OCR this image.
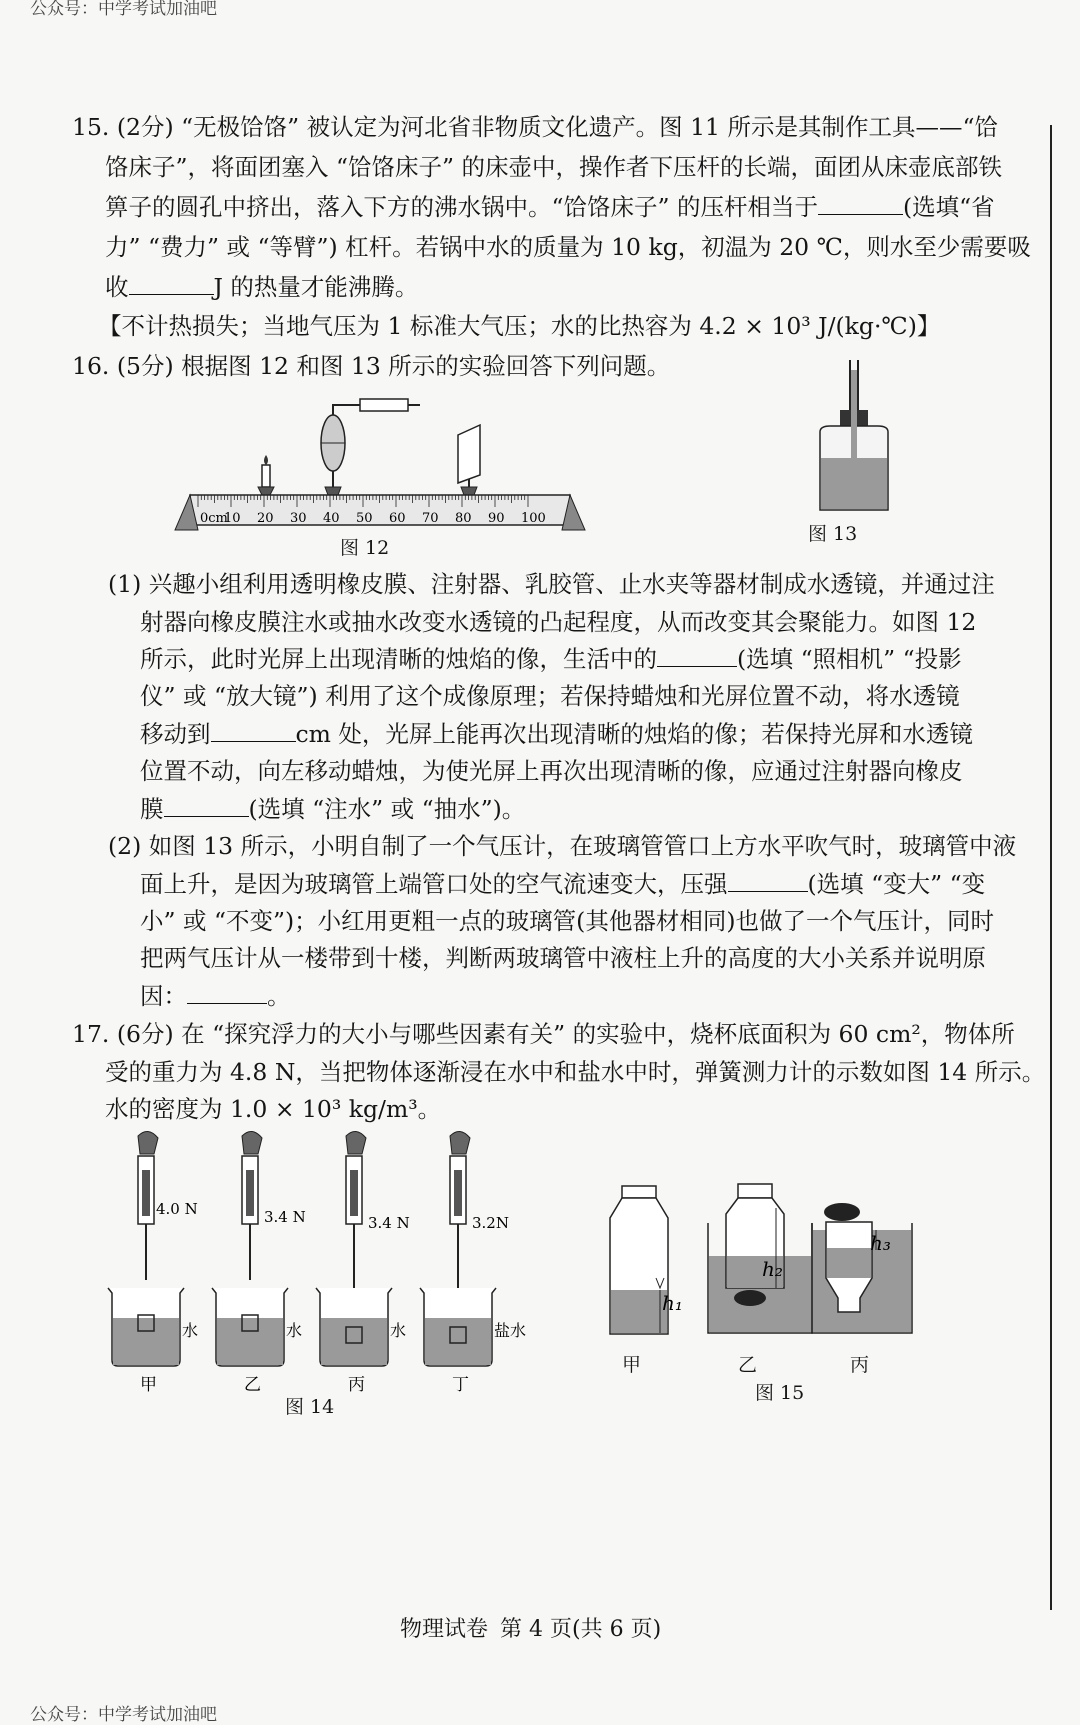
公众号：中学考试加油吧
15. (2分) “无极饸饹” 被认定为河北省非物质文化遗产。图 11 所示是其制作工具——“饸
饹床子”，将面团塞入 “饸饹床子” 的床壶中，操作者下压杆的长端，面团从床壶底部铁
箅子的圆孔中挤出，落入下方的沸水锅中。“饸饹床子” 的压杆相当于	(选填“省
力” “费力” 或 “等臂”) 杠杆。若锅中水的质量为 10 kg，初温为 20 ℃，则水至少需要吸
收	J 的热量才能沸腾。
【不计热损失；当地气压为 1 标准大气压；水的比热容为 4.2 × 10³ J/(kg·℃)】
16. (5分) 根据图 12 和图 13 所示的实验回答下列问题。
0cm
10 20 30 40 50 60 70 80 90 100
图 12
图 13
(1) 兴趣小组利用透明橡皮膜、注射器、乳胶管、止水夹等器材制成水透镜，并通过注
射器向橡皮膜注水或抽水改变水透镜的凸起程度，从而改变其会聚能力。如图 12
所示，此时光屏上出现清晰的烛焰的像，生活中的	(选填 “照相机” “投影
仪” 或 “放大镜”) 利用了这个成像原理；若保持蜡烛和光屏位置不动，将水透镜
移动到	cm 处，光屏上能再次出现清晰的烛焰的像；若保持光屏和水透镜
位置不动，向左移动蜡烛，为使光屏上再次出现清晰的像，应通过注射器向橡皮
膜	(选填 “注水” 或 “抽水”)。
(2) 如图 13 所示，小明自制了一个气压计，在玻璃管管口上方水平吹气时，玻璃管中液
面上升，是因为玻璃管上端管口处的空气流速变大，压强	(选填 “变大” “变
小” 或 “不变”)；小红用更粗一点的玻璃管(其他器材相同)也做了一个气压计，同时
把两气压计从一楼带到十楼，判断两玻璃管中液柱上升的高度的大小关系并说明原
因：	。
17. (6分) 在 “探究浮力的大小与哪些因素有关” 的实验中，烧杯底面积为 60 cm²，物体所
受的重力为 4.8 N，当把物体逐渐浸在水中和盐水中时，弹簧测力计的示数如图 14 所示。
水的密度为 1.0 × 10³ kg/m³。
4.0 N
水
甲
3.4 N
水
乙
3.4 N
水
丙
3.2N
盐水
丁
图 14
h₁
h₂
h₃
甲	乙	丙
图 15
物理试卷 第 4 页(共 6 页)
公众号：中学考试加油吧
